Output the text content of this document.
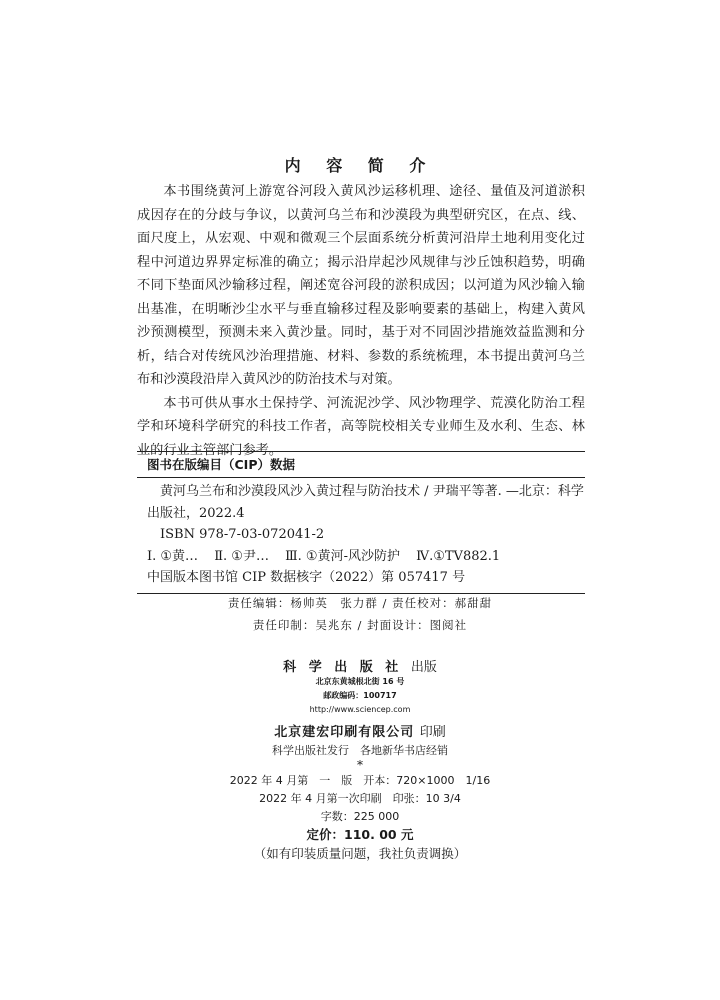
内 容 简 介

本书围绕黄河上游宽谷河段入黄风沙运移机理、途径、量值及河道淤积成因存在的分歧与争议，以黄河乌兰布和沙漠段为典型研究区，在点、线、面尺度上，从宏观、中观和微观三个层面系统分析黄河沿岸土地利用变化过程中河道边界界定标准的确立；揭示沿岸起沙风规律与沙丘蚀积趋势，明确不同下垫面风沙输移过程，阐述宽谷河段的淤积成因；以河道为风沙输入输出基准，在明晰沙尘水平与垂直输移过程及影响要素的基础上，构建入黄风沙预测模型，预测未来入黄沙量。同时，基于对不同固沙措施效益监测和分析，结合对传统风沙治理措施、材料、参数的系统梳理，本书提出黄河乌兰布和沙漠段沿岸入黄风沙的防治技术与对策。

本书可供从事水土保持学、河流泥沙学、风沙物理学、荒漠化防治工程学和环境科学研究的科技工作者，高等院校相关专业师生及水利、生态、林业的行业主管部门参考。

图书在版编目（CIP）数据
黄河乌兰布和沙漠段风沙入黄过程与防治技术 / 尹瑞平等著. —北京：科学出版社，2022.4
ISBN 978-7-03-072041-2
Ⅰ. ①黄… Ⅱ. ①尹… Ⅲ. ①黄河-风沙防护 Ⅳ.①TV882.1
中国版本图书馆 CIP 数据核字（2022）第 057417 号
责任编辑：杨帅英　张力群 / 责任校对：郝甜甜
责任印制：吴兆东 / 封面设计：图阅社
科 学 出 版 社 出版
北京东黄城根北街 16 号
邮政编码：100717
http://www.sciencep.com
北京建宏印刷有限公司 印刷
科学出版社发行　各地新华书店经销
*
2022 年 4 月第　一　版　开本：720×1000　1/16
2022 年 4 月第一次印刷　印张：10 3/4
字数：225 000
定价：110. 00 元
（如有印装质量问题，我社负责调换）
